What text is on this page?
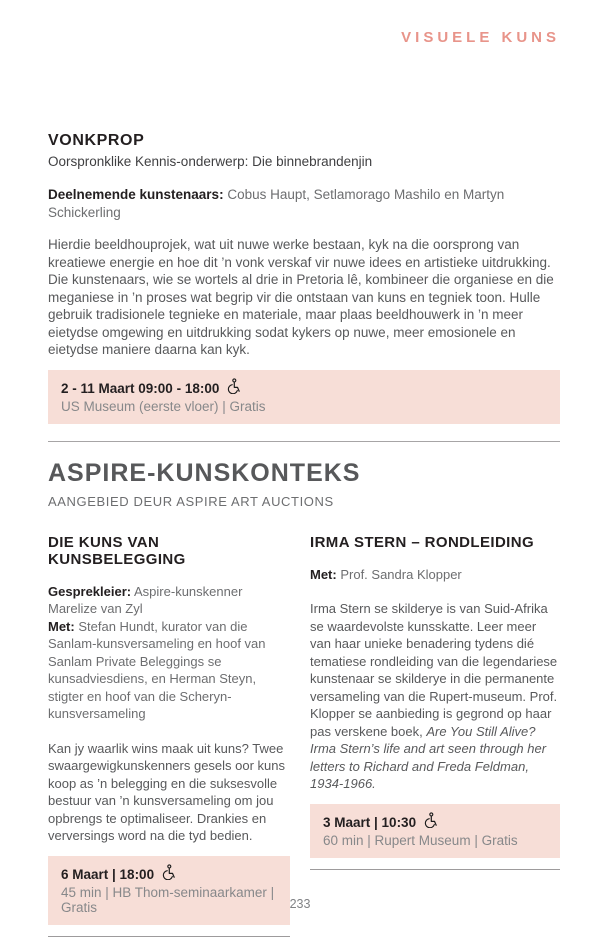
VISUELE KUNS
VONKPROP
Oorspronklike Kennis-onderwerp: Die binnebrandenjin
Deelnemende kunstenaars: Cobus Haupt, Setlamorago Mashilo en Martyn Schickerling

Hierdie beeldhouprojek, wat uit nuwe werke bestaan, kyk na die oorsprong van kreatiewe energie en hoe dit ’n vonk verskaf vir nuwe idees en artistieke uitdrukking. Die kunstenaars, wie se wortels al drie in Pretoria lê, kombineer die organiese en die meganiese in ’n proses wat begrip vir die ontstaan van kuns en tegniek toon. Hulle gebruik tradisionele tegnieke en materiale, maar plaas beeldhouwerk in ’n meer eietydse omgewing en uitdrukking sodat kykers op nuwe, meer emosionele en eietydse maniere daarna kan kyk.

2 - 11 Maart 09:00 - 18:00
US Museum (eerste vloer) | Gratis
ASPIRE-KUNSKONTEKS
AANGEBIED DEUR ASPIRE ART AUCTIONS
DIE KUNS VAN KUNSBELEGGING
Gesprekleier: Aspire-kunskenner Marelize van Zyl
Met: Stefan Hundt, kurator van die Sanlam-kunsversameling en hoof van Sanlam Private Beleggings se kunsadviesdiens, en Herman Steyn, stigter en hoof van die Scheryn-kunsversameling

Kan jy waarlik wins maak uit kuns? Twee swaargewigkunskenners gesels oor kuns koop as ’n belegging en die suksesvolle bestuur van ’n kunsversameling om jou opbrengs te optimaliseer. Drankies en verversings word na die tyd bedien.

6 Maart | 18:00
45 min | HB Thom-seminaarkamer | Gratis
IRMA STERN – RONDLEIDING
Met: Prof. Sandra Klopper

Irma Stern se skilderye is van Suid-Afrika se waardevolste kunsskatte. Leer meer van haar unieke benadering tydens dié tematiese rondleiding van die legendariese kunstenaar se skilderye in die permanente versameling van die Rupert-museum. Prof. Klopper se aanbieding is gegrond op haar pas verskene boek, Are You Still Alive? Irma Stern’s life and art seen through her letters to Richard and Freda Feldman, 1934-1966.

3 Maart | 10:30
60 min | Rupert Museum | Gratis
233
